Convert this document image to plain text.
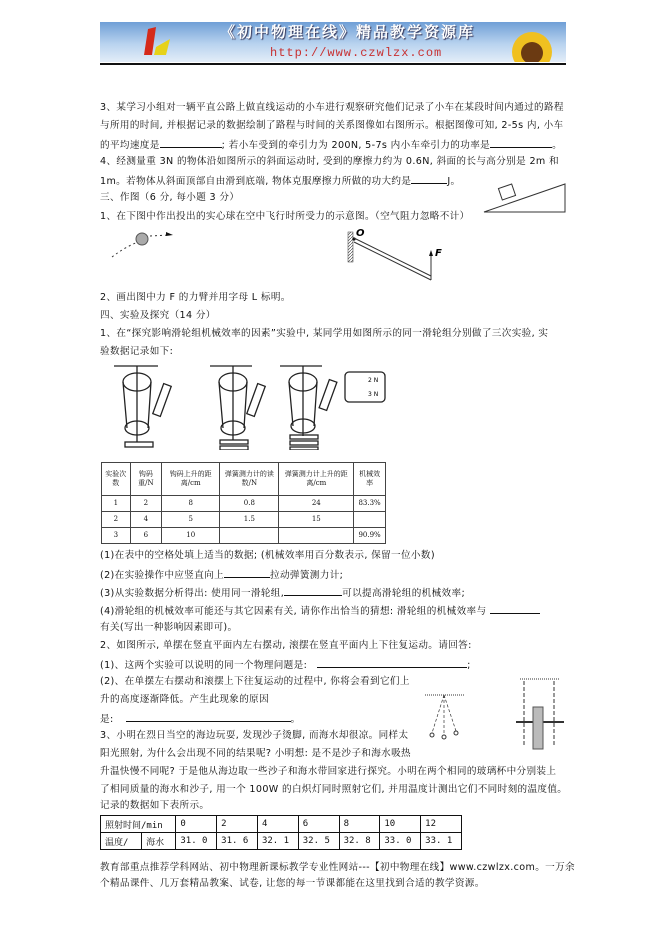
《初中物理在线》精品教学资源库
http://www.czwlzx.com
3、某学习小组对一辆平直公路上做直线运动的小车进行观察研究他们记录了小车在某段时间内通过的路程
与所用的时间, 并根据记录的数据绘制了路程与时间的关系图像如右图所示。根据图像可知, 2-5s 内, 小车
的平均速度是	; 若小车受到的牵引力为 200N, 5-7s 内小车牵引力的功率是	。
4、经测量重 3N 的物体沿如图所示的斜面运动时, 受到的摩擦力约为 0.6N, 斜面的长与高分别是 2m 和
1m。若物体从斜面顶部自由滑到底端, 物体克服摩擦力所做的功大约是	J。
三、作图（6 分, 每小题 3 分）
1、在下图中作出投出的实心球在空中飞行时所受力的示意图。（空气阻力忽略不计）
O
F
2、画出图中力 F 的力臂并用字母 L 标明。
四、实验及探究（14 分）
1、在“探究影响滑轮组机械效率的因素”实验中, 某同学用如图所示的同一滑轮组分别做了三次实验, 实
验数据记录如下:
2 N
3 N
实验次数	钩码重/N	钩码上升的距离/cm	弹簧测力计的读数/N	弹簧测力计上升的距离/cm	机械效率
1	2	8	0.8	24	83.3%
2	4	5	1.5	15	
3	6	10			90.9%
(1)在表中的空格处填上适当的数据; (机械效率用百分数表示, 保留一位小数)
(2)在实验操作中应竖直向上	拉动弹簧测力计;
(3)从实验数据分析得出: 使用同一滑轮组,	可以提高滑轮组的机械效率;
(4)滑轮组的机械效率可能还与其它因素有关, 请你作出恰当的猜想: 滑轮组的机械效率与
有关(写出一种影响因素即可)。
2、如图所示, 单摆在竖直平面内左右摆动, 滚摆在竖直平面内上下往复运动。请回答:
(1)、这两个实验可以说明的同一个物理问题是:	;
(2)、在单摆左右摆动和滚摆上下往复运动的过程中, 你将会看到它们上
升的高度逐渐降低。产生此现象的原因
是:	。
3、小明在烈日当空的海边玩耍, 发现沙子烫脚, 而海水却很凉。同样太
阳光照射, 为什么会出现不同的结果呢? 小明想: 是不是沙子和海水吸热
升温快慢不同呢? 于是他从海边取一些沙子和海水带回家进行探究。小明在两个相同的玻璃杯中分别装上
了相同质量的海水和沙子, 用一个 100W 的白炽灯同时照射它们, 并用温度计测出它们不同时刻的温度值。
记录的数据如下表所示。
照射时间/min		0	2	4	6	8	10	12
温度/	海水	31. 0	31. 6	32. 1	32. 5	32. 8	33. 0	33. 1
教育部重点推荐学科网站、初中物理新课标教学专业性网站---【初中物理在线】www.czwlzx.com。一万余
个精品课件、几万套精品教案、试卷, 让您的每一节课都能在这里找到合适的教学资源。
